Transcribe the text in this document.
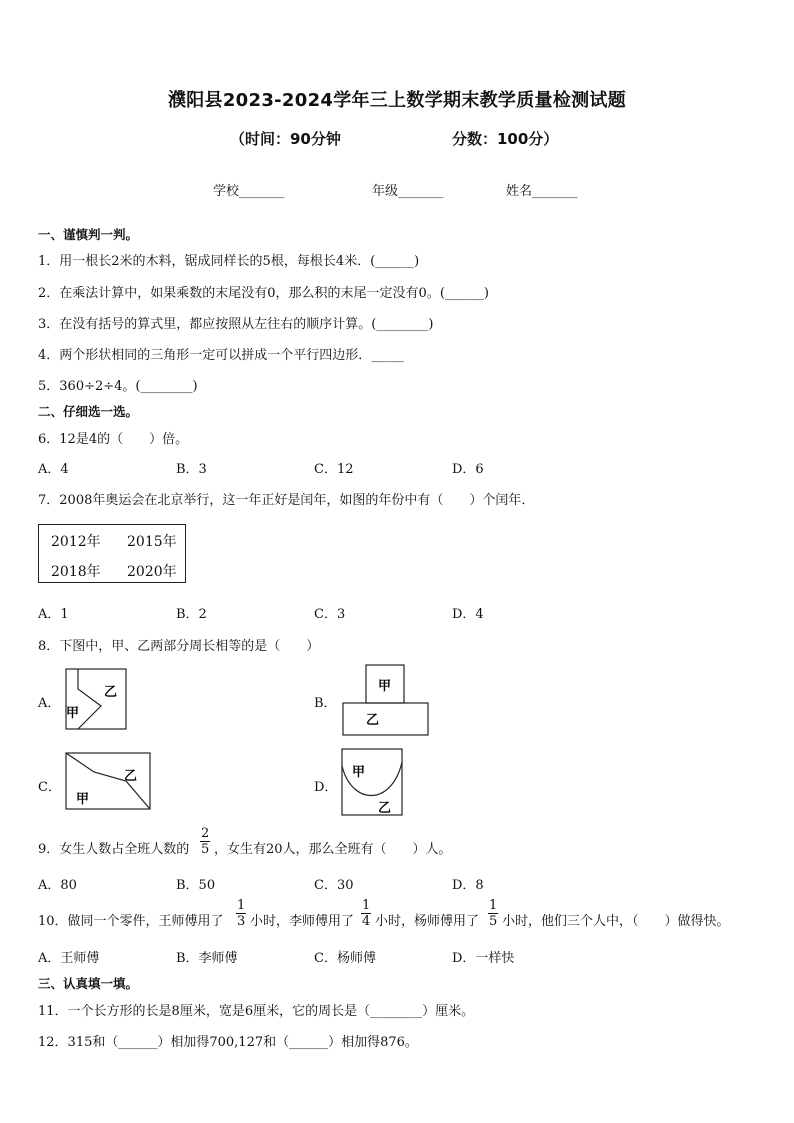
濮阳县2023-2024学年三上数学期末教学质量检测试题
（时间：90分钟	分数：100分）
学校_______	年级_______	姓名_______
一、谨慎判一判。
1．用一根长2米的木料，锯成同样长的5根，每根长4米．(______)
2．在乘法计算中，如果乘数的末尾没有0，那么积的末尾一定没有0。(______)
3．在没有括号的算式里，都应按照从左往右的顺序计算。(________)
4．两个形状相同的三角形一定可以拼成一个平行四边形．_____
5．360÷2÷4。(________)
二、仔细选一选。
6．12是4的（　　）倍。
A．4	B．3	C．12	D．6
7．2008年奥运会在北京举行，这一年正好是闰年，如图的年份中有（　　）个闰年．
2012年 2015年
2018年 2020年
A．1	B．2	C．3	D．4
8．下图中，甲、乙两部分周长相等的是（　　）
A．
乙
甲
B．
甲
乙
C．
乙
甲
D．
甲
乙
9．女生人数占全班人数的 $\frac{2}{5}$ ，女生有20人，那么全班有（　　）人。
A．80	B．50	C．30	D．8
10．做同一个零件，王师傅用了 $\frac{1}{3}$ 小时，李师傅用了 $\frac{1}{4}$ 小时，杨师傅用了 $\frac{1}{5}$ 小时，他们三个人中，（　　）做得快。
A．王师傅	B．李师傅	C．杨师傅	D．一样快
三、认真填一填。
11．一个长方形的长是8厘米，宽是6厘米，它的周长是（________）厘米。
12．315和（______）相加得700,127和（______）相加得876。
